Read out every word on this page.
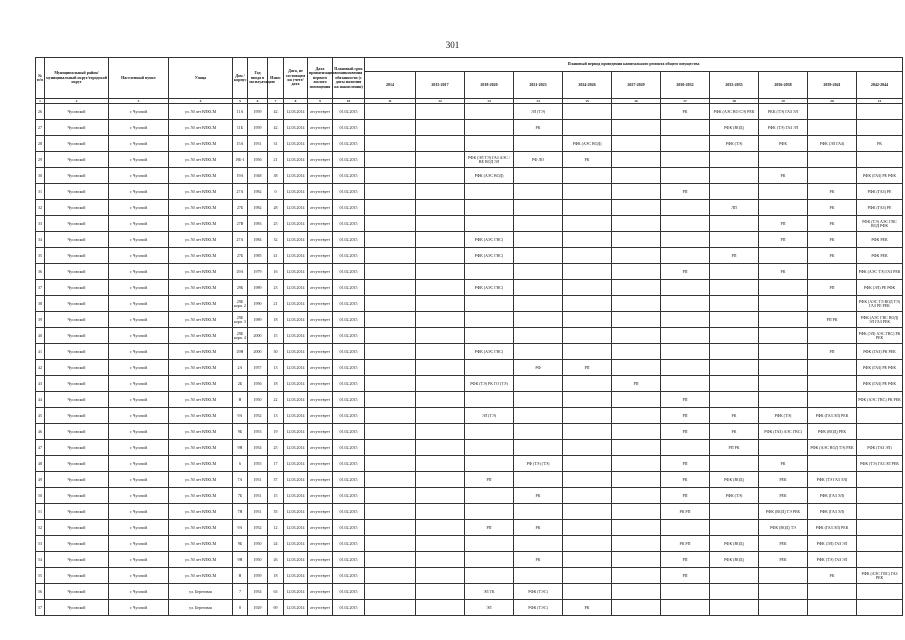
301
№ п/п	Муниципальный район/муниципальный округ/городской округ	Населенный пункт	Улица	Дом / корпус	Год ввода в эксплуатацию	Износ	Дата, не состоящем на учете/дата	Дата приватизации первого жилого помещения	Плановый срок возникновения обязанности (с даты наличия на накоплении)	Плановый период проведения капитального ремонта общего имущества										
										2014	2015-2017	2018-2020	2021-2023	2024-2026	2027-2029	2030-2032	2033-2035	2036-2038	2039-2041	2042-2044
1	2	3	4	5	6	7	8	9	10	11	12	13	14	15	16	17	18	19	20	21
26	Чусовской	г. Чусовой	ул. 50 лет ВЛКСМ	11А	1959	42	12.03.2014	отсутствует	01.02.2015				ЭЛ (ТЭ)			РК	РФК (АЭС ВО СЭ) РЕК	РКК (ТЭ) ГАЗ ЭЛ		
27	Чусовской	г. Чусовой	ул. 50 лет ВЛКСМ	11Б	1959	42	12.03.2014	отсутствует	01.02.2015				РК				РФК (ВОД)	РФК (ТЭ) ГАЗ ЭЛ		
28	Чусовской	г. Чусовой	ул. 50 лет ВЛКСМ	15А	1951	31	12.03.2014	отсутствует	01.02.2015					РФК (АЭС ВОД)			РФК (ТЭ)	РФК	РФК (ЭЛ ГАЗ)	РК
29	Чусовской	г. Чусовой	ул. 50 лет ВЛКСМ	19Б-1	1956	21	12.03.2014	отсутствует	01.02.2015			РФК (ЭЛ ТЭ) ГАЗ АЭС / ВЕ ВОД ЭЛ	РФ ЛО	РК						
30	Чусовской	г. Чусовой	ул. 50 лет ВЛКСМ	19А	1948	38	12.03.2014	отсутствует	01.02.2015			РФК (АЭС ВОД)						РК		РФК (ГАЗ) РЕ РФК
31	Чусовской	г. Чусовой	ул. 50 лет ВЛКСМ	27А	1982	0	12.03.2014	отсутствует	01.02.2015							РП			РК	РФК (ГАЗ) РЕ
32	Чусовской	г. Чусовой	ул. 50 лет ВЛКСМ	27Б	1982	28	12.03.2014	отсутствует	01.02.2015								ЛП		РК	РФК (ГАЗ) РЕ
33	Чусовской	г. Чусовой	ул. 50 лет ВЛКСМ	27В	1983	25	12.03.2014	отсутствует	01.02.2015									РП	РК	РФК (ТЭ) АЭС ГВС ВОД РФК
34	Чусовской	г. Чусовой	ул. 50 лет ВЛКСМ	27А	1984	32	12.03.2014	отсутствует	01.02.2015			РФК (АЭС ГВС)						РП	РК	РФК РЕК
35	Чусовской	г. Чусовой	ул. 50 лет ВЛКСМ	27Б	1985	41	12.03.2014	отсутствует	01.02.2015			РФК (АЭС ГВС)					РП		РК	РФК РЕК
36	Чусовской	г. Чусовой	ул. 50 лет ВЛКСМ	29А	1979	16	12.03.2014	отсутствует	01.02.2015							РП		РК		РФК (АЭС ТЭ) ГАЗ РЕК
37	Чусовской	г. Чусовой	ул. 50 лет ВЛКСМ	29Б	1989	23	12.03.2014	отсутствует	01.02.2015			РФК (АЭС ГВС)							РП	РФК (ЭЛ) РЕ РФК
38	Чусовской	г. Чусовой	ул. 50 лет ВЛКСМ	29Б корп. 2	1990	21	12.03.2014	отсутствует	01.02.2015											РФК (АЭС ТЭ ВОД ТЭ) ГАЗ РЕ РЕК
39	Чусовской	г. Чусовой	ул. 50 лет ВЛКСМ	29Б корп. 3	1989	18	12.03.2014	отсутствует	01.02.2015										РП РК	РФК (АЭС ГВС ВОД) ЭЛ ГАЗ РЕК
40	Чусовской	г. Чусовой	ул. 50 лет ВЛКСМ	29Б корп. 4	2000	15	12.03.2014	отсутствует	01.02.2015											РФК (ЭЛ) АЭС ГВС) РК РЕК
41	Чусовской	г. Чусовой	ул. 50 лет ВЛКСМ	29Н	2000	30	12.03.2014	отсутствует	01.02.2015			РФК (АЭС ГВС)							РП	РФК (ГАЗ) РК РЕК
42	Чусовской	г. Чусовой	ул. 50 лет ВЛКСМ	2А	1957	13	12.03.2014	отсутствует	01.02.2015				РФ	РП						РФК (ГАЗ) РЕ РФК
43	Чусовской	г. Чусовой	ул. 50 лет ВЛКСМ	2Б	1956	18	12.03.2014	отсутствует	01.02.2015			РФК (ТЭ) РК ГО (ТЭ)			РП					РФК (ГАЗ) РЕ РФК
44	Чусовской	г. Чусовой	ул. 50 лет ВЛКСМ	Н	1950	22	12.03.2014	отсутствует	01.02.2015							РП				РФК (АЭС ГВС) РК РЕК
45	Чусовской	г. Чусовой	ул. 50 лет ВЛКСМ	9А	1952	13	12.03.2014	отсутствует	01.02.2015			ЭЛ (ТЭ)				РП	РК	РФК (ТЭ)	РФК (ГАЗ ЭЛ) РЕК	
46	Чусовской	г. Чусовой	ул. 50 лет ВЛКСМ	9Б	1953	19	12.03.2014	отсутствует	01.02.2015							РП	РК	РФК (ГАЗ) АЭС ГВС)	РФК (ВОД) РЕК	
47	Чусовской	г. Чусовой	ул. 50 лет ВЛКСМ	9Н	1954	25	12.03.2014	отсутствует	01.02.2015								РП РК		РФК (АЭС ВОД ТЭ) РЕК	РФК (ГАЗ ЭЛ)
48	Чусовской	г. Чусовой	ул. 50 лет ВЛКСМ	6	1955	17	12.03.2014	отсутствует	01.02.2015				РФ (ТЭ) (ТЭ)			РП		РК		РФК (ТЭ) ГАЗ ЭЛ РЕК
49	Чусовской	г. Чусовой	ул. 50 лет ВЛКСМ	7А	1951	37	12.03.2014	отсутствует	01.02.2015			РП				РК	РФК (ВОД)	РЕК	РФК (ТЭ ГАЗ ЭЛ)	
50	Чусовской	г. Чусовой	ул. 50 лет ВЛКСМ	7Б	1951	15	12.03.2014	отсутствует	01.02.2015				РК			РП	РФК (ТЭ)	РЕК	РФК (ГАЗ ЭЛ)	
51	Чусовской	г. Чусовой	ул. 50 лет ВЛКСМ	7Н	1951	35	12.03.2014	отсутствует	01.02.2015							РК РП		РФК (ВОД) ТЭ РЕК	РФК (ГАЗ ЭЛ)	
52	Чусовской	г. Чусовой	ул. 50 лет ВЛКСМ	9А	1952	12	12.03.2014	отсутствует	01.02.2015			РП	РК					РФК (ВОД) ТЭ	РФК (ГАЗ ЭЛ) РЕК	
53	Чусовской	г. Чусовой	ул. 50 лет ВЛКСМ	9Б	1950	24	12.03.2014	отсутствует	01.02.2015							РК РП	РФК (ВОД)	РЕК	РФК (ЭЛ) ГАЗ ЭЛ	
54	Чусовской	г. Чусовой	ул. 50 лет ВЛКСМ	9Н	1950	26	12.03.2014	отсутствует	01.02.2015				РК			РП	РФК (ВОД)	РЕК	РФК (ТЭ) ГАЗ ЭЛ	
55	Чусовской	г. Чусовой	ул. 50 лет ВЛКСМ	Н	1959	18	12.03.2014	отсутствует	01.02.2015							РП			РК	РФК (АЭС ГВС) ГАЗ РЕК
56	Чусовской	г. Чусовой	ул. Береговая	7	1954	63	12.03.2014	отсутствует	01.02.2015			ЭЛ ГК	РФК (ТЭС)							
57	Чусовской	г. Чусовой	ул. Береговая	8	1929	69	12.03.2014	отсутствует	01.02.2015			ЭЛ	РФК (ТЭС)	РК						
